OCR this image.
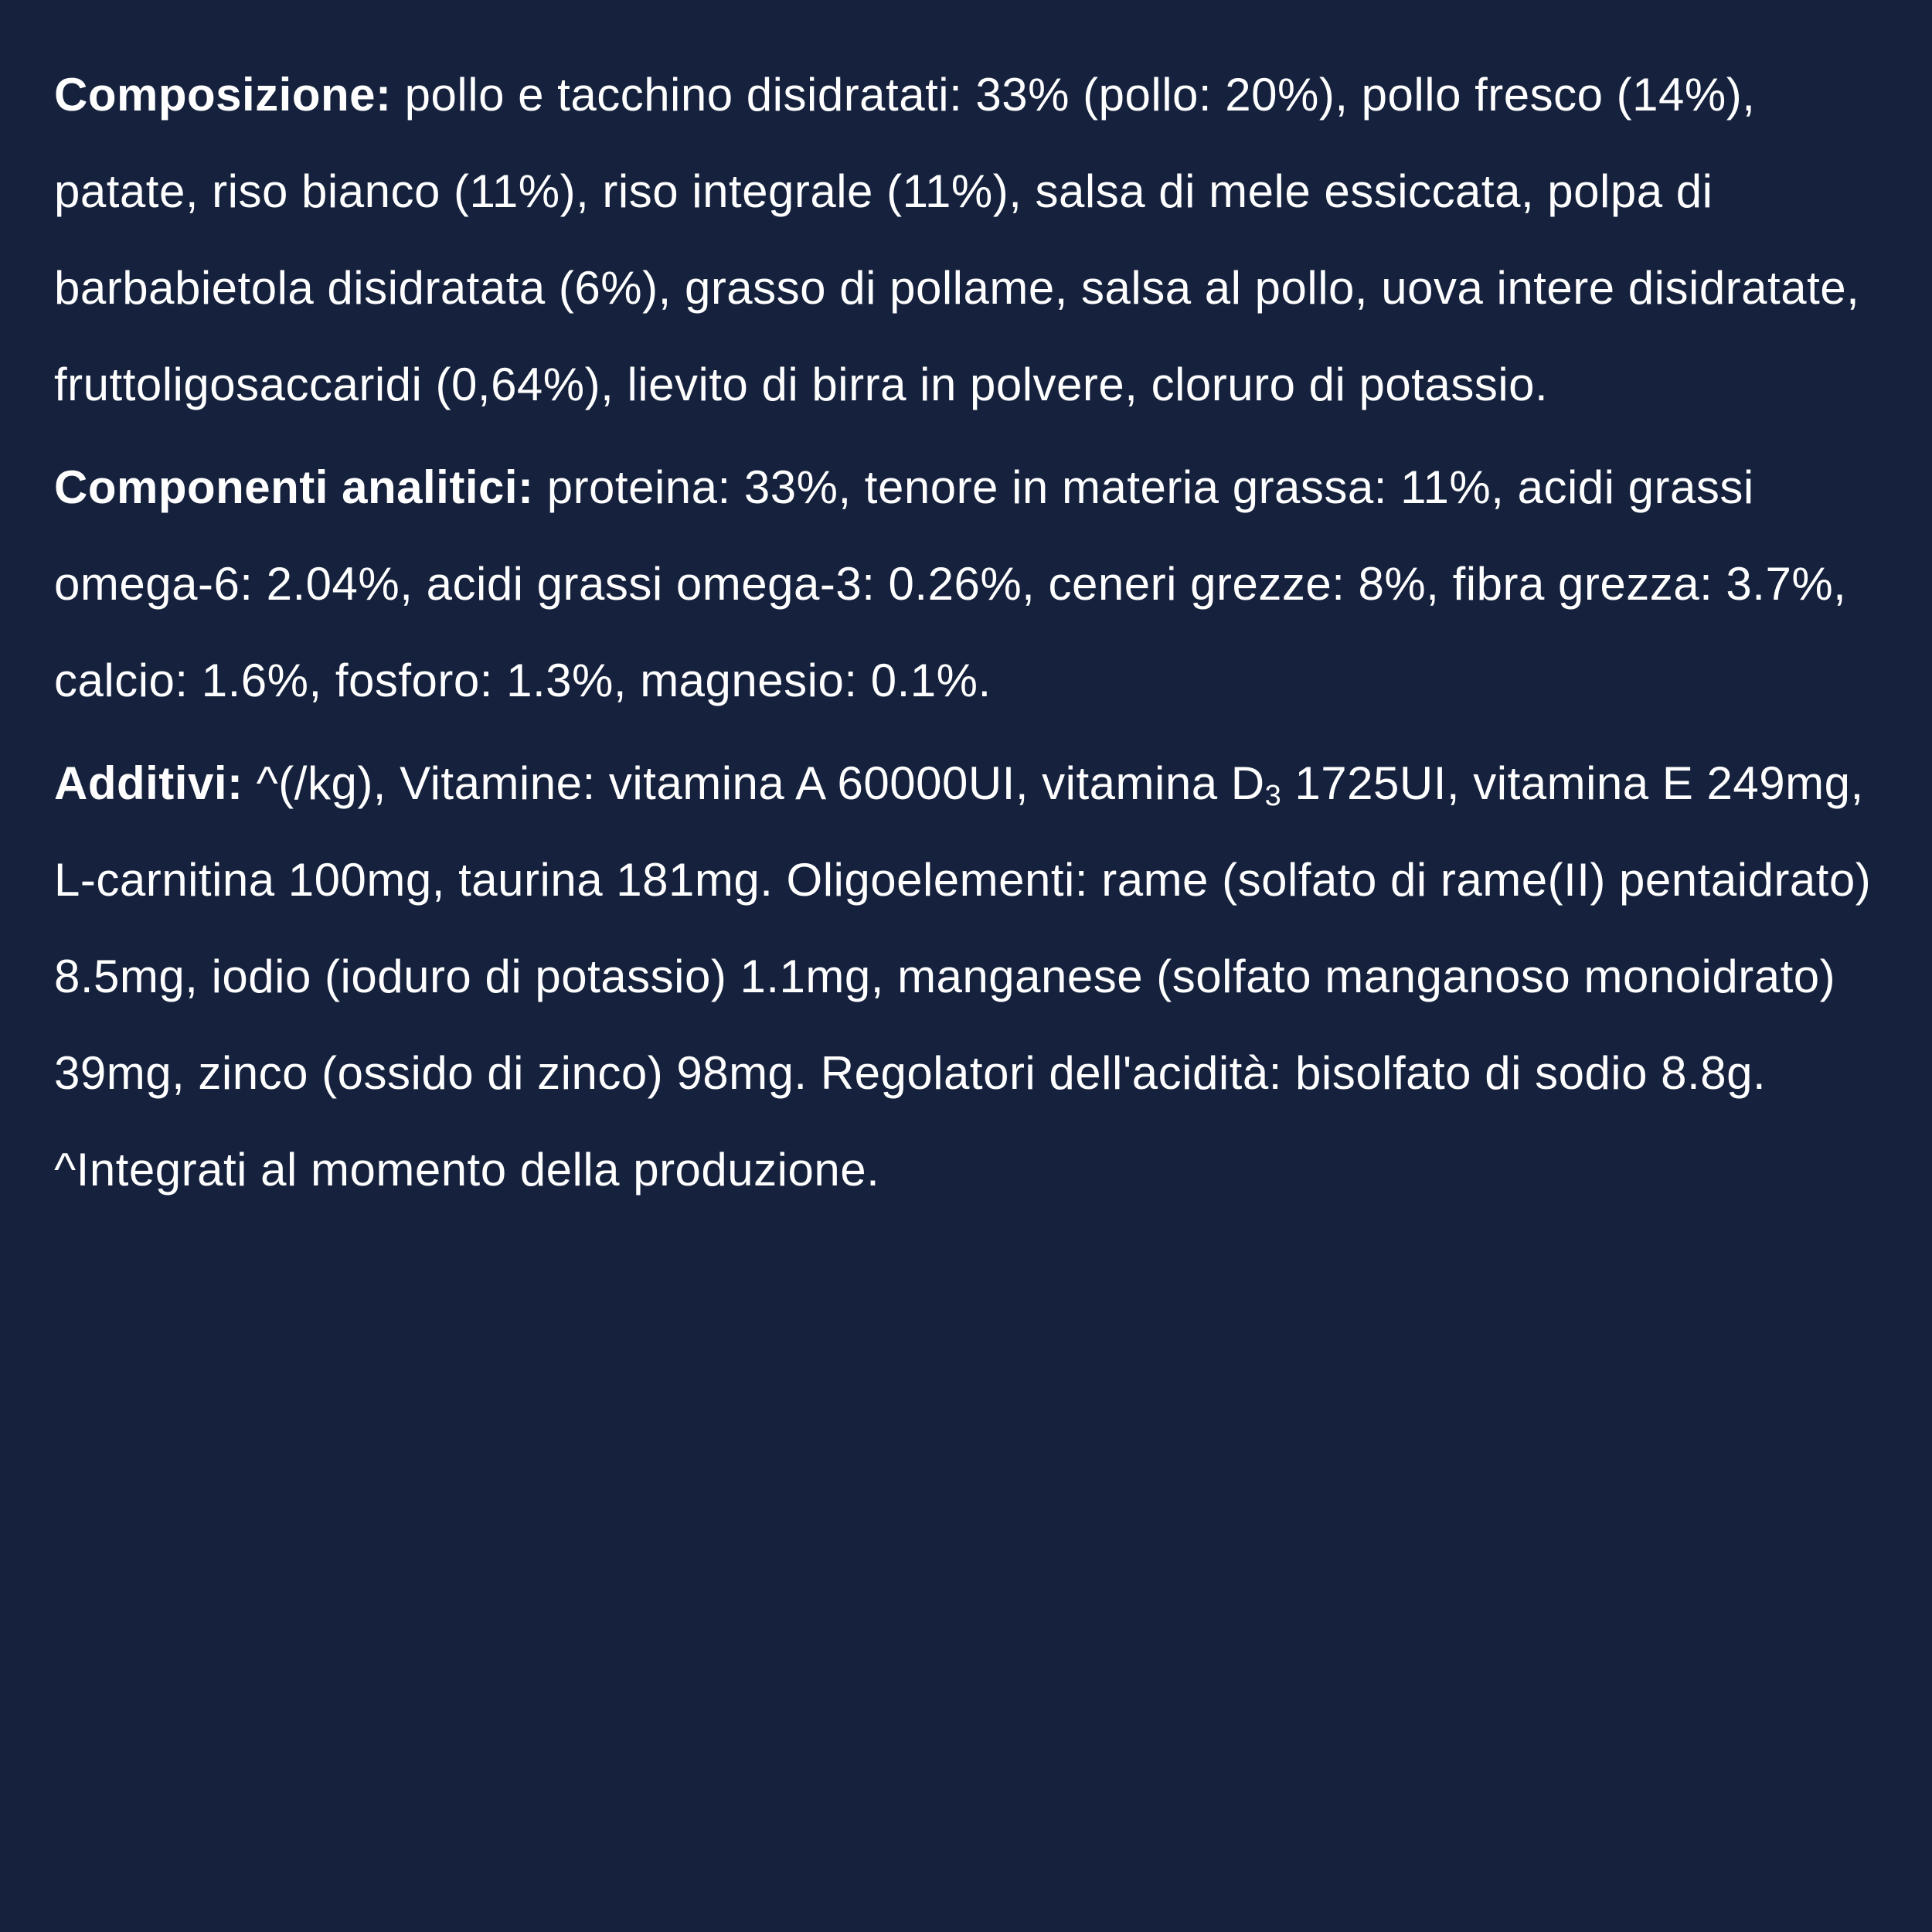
Composizione: pollo e tacchino disidratati: 33% (pollo: 20%), pollo fresco (14%), patate, riso bianco (11%), riso integrale (11%), salsa di mele essiccata, polpa di barbabietola disidratata (6%), grasso di pollame, salsa al pollo, uova intere disidratate, fruttoligosaccaridi (0,64%), lievito di birra in polvere, cloruro di potassio.

Componenti analitici: proteina: 33%, tenore in materia grassa: 11%, acidi grassi omega-6: 2.04%, acidi grassi omega-3: 0.26%, ceneri grezze: 8%, fibra grezza: 3.7%, calcio: 1.6%, fosforo: 1.3%, magnesio: 0.1%.

Additivi: ^(/kg), Vitamine: vitamina A 60000UI, vitamina $D_3$ 1725UI, vitamina E 249mg, L-carnitina 100mg, taurina 181mg. Oligoelementi: rame (solfato di rame(II) pentaidrato) 8.5mg, iodio (ioduro di potassio) 1.1mg, manganese (solfato manganoso monoidrato) 39mg, zinco (ossido di zinco) 98mg. Regolatori dell'acidità: bisolfato di sodio 8.8g. ^Integrati al momento della produzione.
